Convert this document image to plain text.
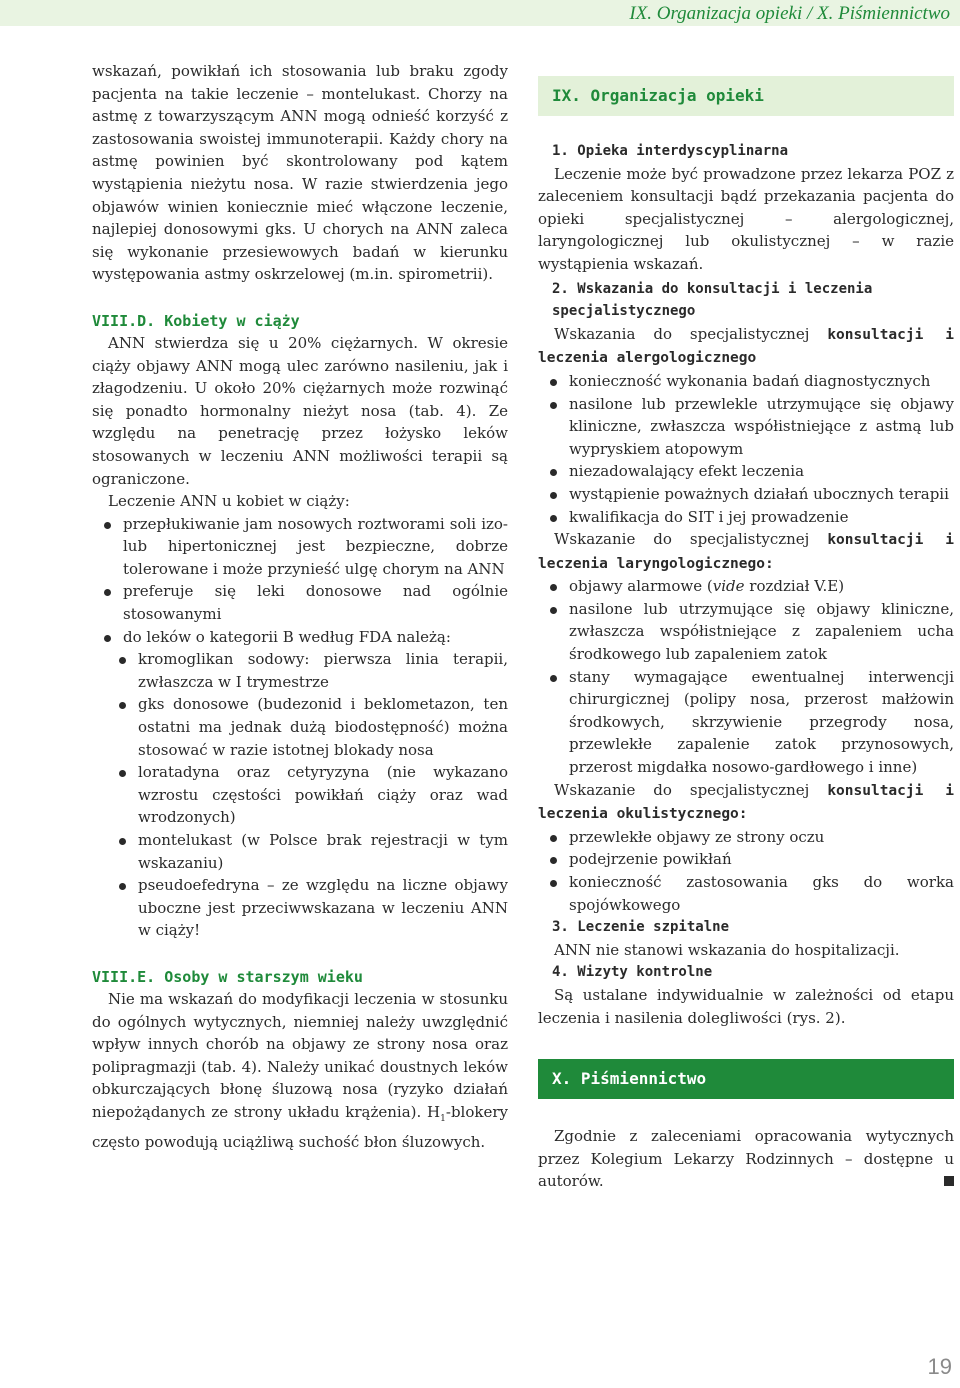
IX. Organizacja opieki / X. Piśmiennictwo

wskazań, powikłań ich stosowania lub braku zgody pacjenta na takie leczenie – montelukast. Chorzy na astmę z towarzyszącym ANN mogą odnieść korzyść z zastosowania swoistej immunoterapii. Każdy chory na astmę powinien być skontrolowany pod kątem wystąpienia nieżytu nosa. W razie stwierdzenia jego objawów winien koniecznie mieć włączone leczenie, najlepiej donosowymi gks. U chorych na ANN zaleca się wykonanie przesiewowych badań w kierunku występowania astmy oskrzelowej (m.in. spirometrii).

VIII.D. Kobiety w ciąży

ANN stwierdza się u 20% ciężarnych. W okresie ciąży objawy ANN mogą ulec zarówno nasileniu, jak i złagodzeniu. U około 20% ciężarnych może rozwinąć się ponadto hormonalny nieżyt nosa (tab. 4). Ze względu na penetrację przez łożysko leków stosowanych w leczeniu ANN możliwości terapii są ograniczone.

Leczenie ANN u kobiet w ciąży:

przepłukiwanie jam nosowych roztworami soli izo- lub hipertonicznej jest bezpieczne, dobrze tolerowane i może przynieść ulgę chorym na ANN
preferuje się leki donosowe nad ogólnie stosowanymi
do leków o kategorii B według FDA należą:
kromoglikan sodowy: pierwsza linia terapii, zwłaszcza w I trymestrze
gks donosowe (budezonid i beklometazon, ten ostatni ma jednak dużą biodostępność) można stosować w razie istotnej blokady nosa
loratadyna oraz cetyryzyna (nie wykazano wzrostu częstości powikłań ciąży oraz wad wrodzonych)
montelukast (w Polsce brak rejestracji w tym wskazaniu)
pseudoefedryna – ze względu na liczne objawy uboczne jest przeciwwskazana w leczeniu ANN w ciąży!
VIII.E. Osoby w starszym wieku

Nie ma wskazań do modyfikacji leczenia w stosunku do ogólnych wytycznych, niemniej należy uwzględnić wpływ innych chorób na objawy ze strony nosa oraz polipragmazji (tab. 4). Należy unikać doustnych leków obkurczających błonę śluzową nosa (ryzyko działań niepożądanych ze strony układu krążenia). $H_1$-blokery często powodują uciążliwą suchość błon śluzowych.

IX. Organizacja opieki
1. Opieka interdyscyplinarna

Leczenie może być prowadzone przez lekarza POZ z zaleceniem konsultacji bądź przekazania pacjenta do opieki specjalistycznej – alergologicznej, laryngologicznej lub okulistycznej – w razie wystąpienia wskazań.

2. Wskazania do konsultacji i leczenia specjalistycznego

Wskazania do specjalistycznej konsultacji i leczenia alergologicznego

konieczność wykonania badań diagnostycznych
nasilone lub przewlekle utrzymujące się objawy kliniczne, zwłaszcza współistniejące z astmą lub wypryskiem atopowym
niezadowalający efekt leczenia
wystąpienie poważnych działań ubocznych terapii
kwalifikacja do SIT i jej prowadzenie

Wskazanie do specjalistycznej konsultacji i leczenia laryngologicznego:

objawy alarmowe (vide rozdział V.E)
nasilone lub utrzymujące się objawy kliniczne, zwłaszcza współistniejące z zapaleniem ucha środkowego lub zapaleniem zatok
stany wymagające ewentualnej interwencji chirurgicznej (polipy nosa, przerost małżowin środkowych, skrzywienie przegrody nosa, przewlekłe zapalenie zatok przynosowych, przerost migdałka nosowo-gardłowego i inne)

Wskazanie do specjalistycznej konsultacji i leczenia okulistycznego:

przewlekłe objawy ze strony oczu
podejrzenie powikłań
konieczność zastosowania gks do worka spojówkowego
3. Leczenie szpitalne

ANN nie stanowi wskazania do hospitalizacji.

4. Wizyty kontrolne

Są ustalane indywidualnie w zależności od etapu leczenia i nasilenia dolegliwości (rys. 2).

X. Piśmiennictwo

Zgodnie z zaleceniami opracowania wytycznych przez Kolegium Lekarzy Rodzinnych – dostępne u autorów.

19
